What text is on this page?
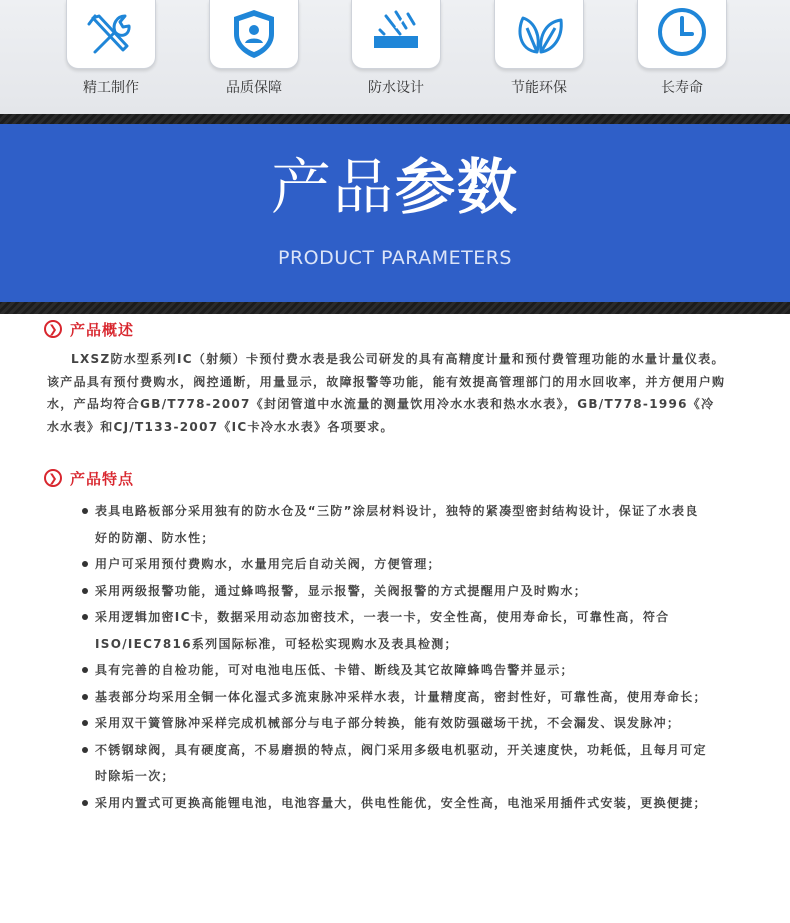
精工制作	品质保障	防水设计	节能环保	长寿命
产品参数
PRODUCT PARAMETERS
❯ 产品概述
LXSZ防水型系列IC（射频）卡预付费水表是我公司研发的具有高精度计量和预付费管理功能的水量计量仪表。该产品具有预付费购水，阀控通断，用量显示，故障报警等功能，能有效提高管理部门的用水回收率，并方便用户购水，产品均符合GB/T778-2007《封闭管道中水流量的测量饮用冷水水表和热水水表》，GB/T778-1996《冷水水表》和CJ/T133-2007《IC卡冷水水表》各项要求。
❯ 产品特点
表具电路板部分采用独有的防水仓及“三防”涂层材料设计，独特的紧凑型密封结构设计，保证了水表良好的防潮、防水性；
用户可采用预付费购水，水量用完后自动关阀，方便管理；
采用两级报警功能，通过蜂鸣报警，显示报警，关阀报警的方式提醒用户及时购水；
采用逻辑加密IC卡，数据采用动态加密技术，一表一卡，安全性高，使用寿命长，可靠性高，符合ISO/IEC7816系列国际标准，可轻松实现购水及表具检测；
具有完善的自检功能，可对电池电压低、卡错、断线及其它故障蜂鸣告警并显示；
基表部分均采用全铜一体化湿式多流束脉冲采样水表，计量精度高，密封性好，可靠性高，使用寿命长；
采用双干簧管脉冲采样完成机械部分与电子部分转换，能有效防强磁场干扰，不会漏发、误发脉冲；
不锈钢球阀，具有硬度高，不易磨损的特点，阀门采用多级电机驱动，开关速度快，功耗低，且每月可定时除垢一次；
采用内置式可更换高能锂电池，电池容量大，供电性能优，安全性高，电池采用插件式安装，更换便捷；
